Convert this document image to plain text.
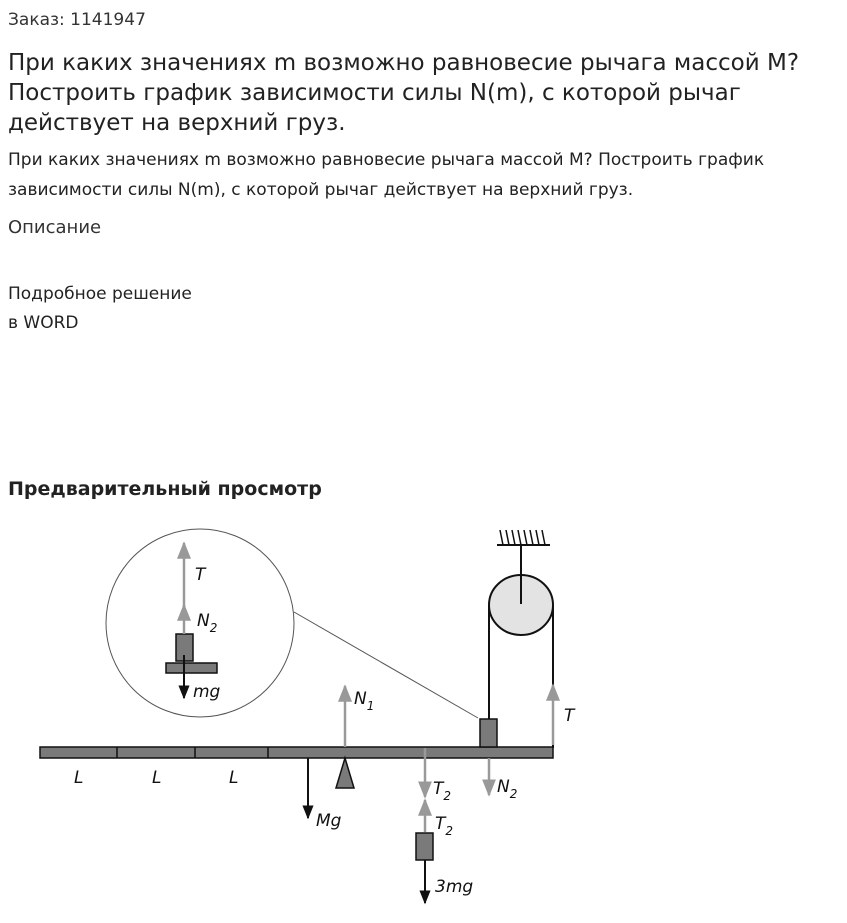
Заказ: 1141947
При каких значениях m возможно равновесие рычага массой M? Построить график зависимости силы N(m), с которой рычаг действует на верхний груз.

При каких значениях m возможно равновесие рычага массой M? Построить график зависимости силы N(m), с которой рычаг действует на верхний груз.

Описание
Подробное решение
в WORD
Предварительный просмотр
T
$N_2$
mg
L	L	L
$N_1$
Mg
$N_2$
T
$T_2$
$T_2$
3mg
